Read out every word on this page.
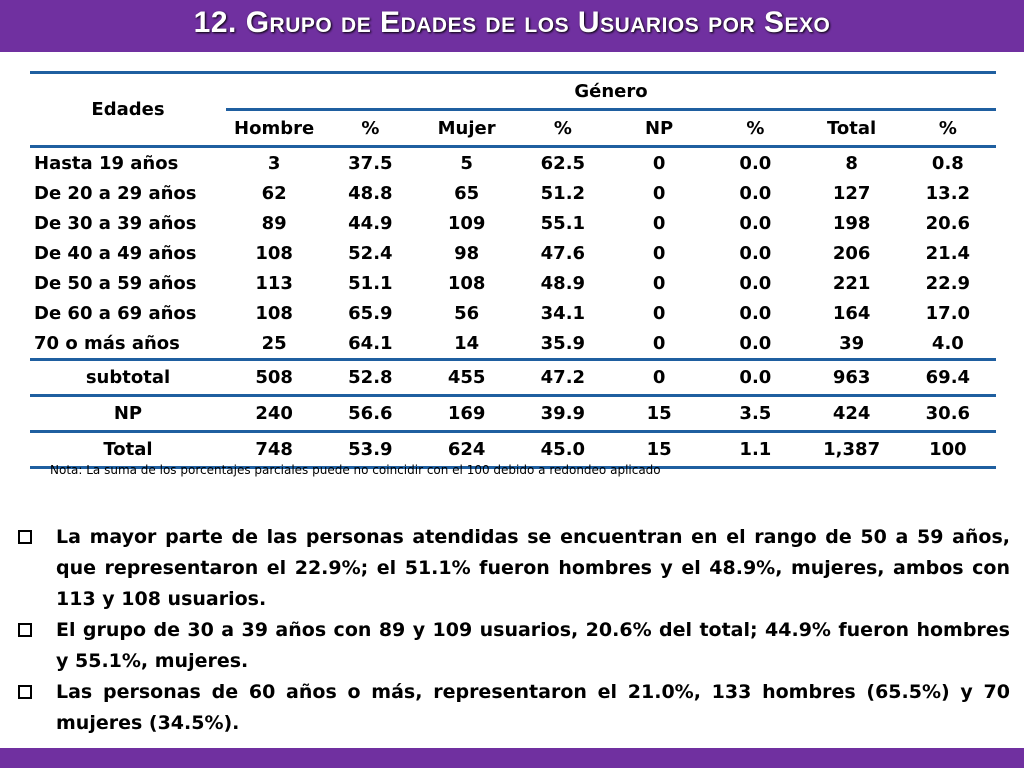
12. Grupo de Edades de los Usuarios por Sexo
Edades	Género							
	Hombre	%	Mujer	%	NP	%	Total	%
Hasta 19 años	3	37.5	5	62.5	0	0.0	8	0.8
De 20 a 29 años	62	48.8	65	51.2	0	0.0	127	13.2
De 30 a 39 años	89	44.9	109	55.1	0	0.0	198	20.6
De 40 a 49 años	108	52.4	98	47.6	0	0.0	206	21.4
De 50 a 59 años	113	51.1	108	48.9	0	0.0	221	22.9
De 60 a 69 años	108	65.9	56	34.1	0	0.0	164	17.0
70 o más años	25	64.1	14	35.9	0	0.0	39	4.0
subtotal	508	52.8	455	47.2	0	0.0	963	69.4
NP	240	56.6	169	39.9	15	3.5	424	30.6
Total	748	53.9	624	45.0	15	1.1	1,387	100
Nota: La suma de los porcentajes parciales puede no coincidir con el 100 debido a redondeo aplicado
La mayor parte de las personas atendidas se encuentran en el rango de 50 a 59 años, que representaron el 22.9%; el 51.1% fueron hombres y el 48.9%, mujeres, ambos con 113 y 108 usuarios.
El grupo de 30 a 39 años con 89 y 109 usuarios, 20.6% del total; 44.9% fueron hombres y 55.1%, mujeres.
Las personas de 60 años o más, representaron el 21.0%, 133 hombres (65.5%) y 70 mujeres (34.5%).
